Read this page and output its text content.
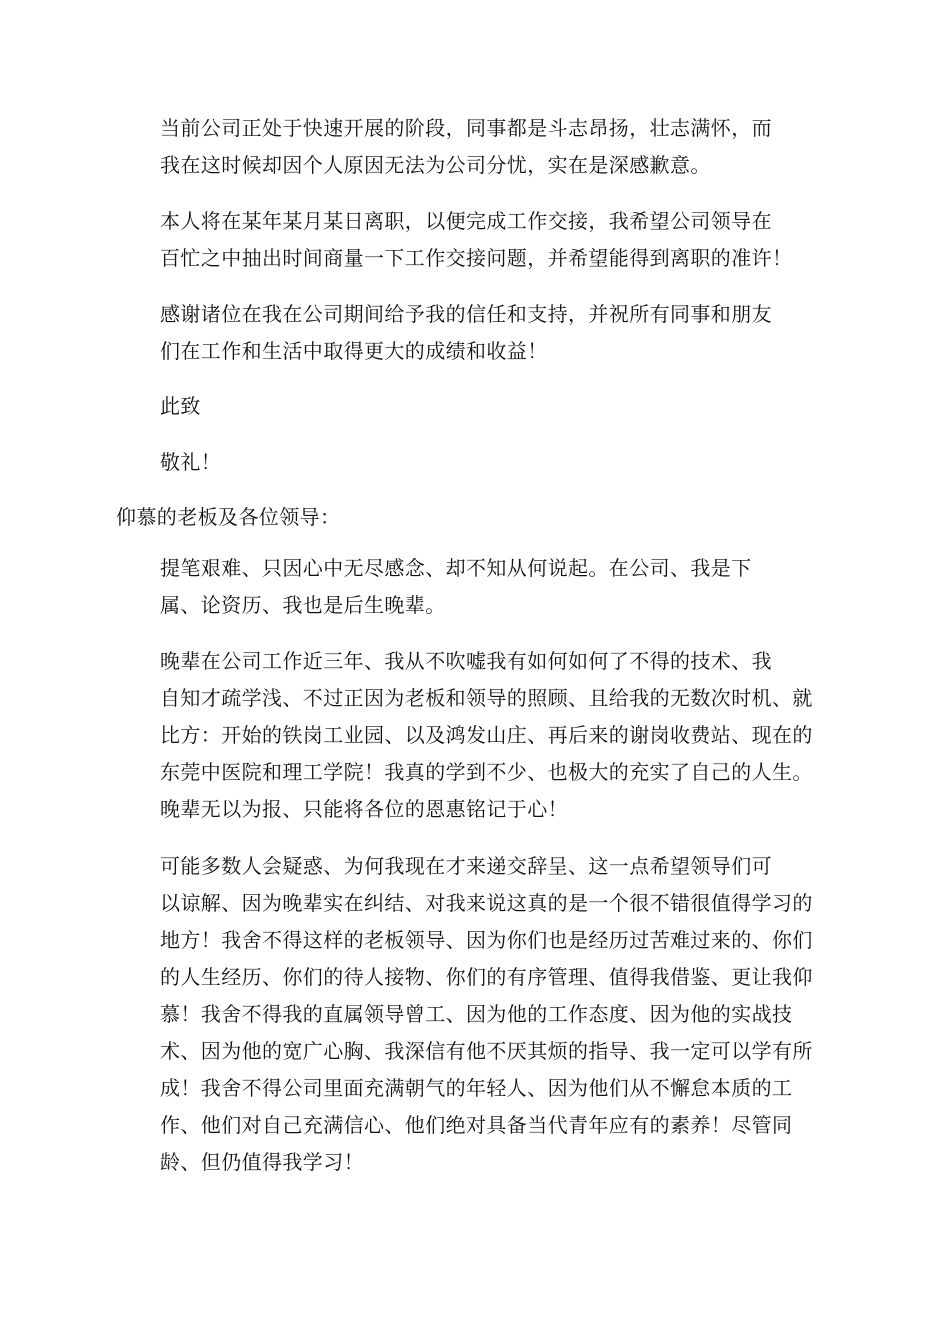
当前公司正处于快速开展的阶段，同事都是斗志昂扬，壮志满怀，而
我在这时候却因个人原因无法为公司分忧，实在是深感歉意。
本人将在某年某月某日离职，以便完成工作交接，我希望公司领导在
百忙之中抽出时间商量一下工作交接问题，并希望能得到离职的准许！
感谢诸位在我在公司期间给予我的信任和支持，并祝所有同事和朋友
们在工作和生活中取得更大的成绩和收益！
此致
敬礼！
仰慕的老板及各位领导：
提笔艰难、只因心中无尽感念、却不知从何说起。在公司、我是下
属、论资历、我也是后生晚辈。
晚辈在公司工作近三年、我从不吹嘘我有如何如何了不得的技术、我
自知才疏学浅、不过正因为老板和领导的照顾、且给我的无数次时机、就
比方：开始的铁岗工业园、以及鸿发山庄、再后来的谢岗收费站、现在的
东莞中医院和理工学院！我真的学到不少、也极大的充实了自己的人生。
晚辈无以为报、只能将各位的恩惠铭记于心！
可能多数人会疑惑、为何我现在才来递交辞呈、这一点希望领导们可
以谅解、因为晚辈实在纠结、对我来说这真的是一个很不错很值得学习的
地方！我舍不得这样的老板领导、因为你们也是经历过苦难过来的、你们
的人生经历、你们的待人接物、你们的有序管理、值得我借鉴、更让我仰
慕！我舍不得我的直属领导曾工、因为他的工作态度、因为他的实战技
术、因为他的宽广心胸、我深信有他不厌其烦的指导、我一定可以学有所
成！我舍不得公司里面充满朝气的年轻人、因为他们从不懈怠本质的工
作、他们对自己充满信心、他们绝对具备当代青年应有的素养！尽管同
龄、但仍值得我学习！
